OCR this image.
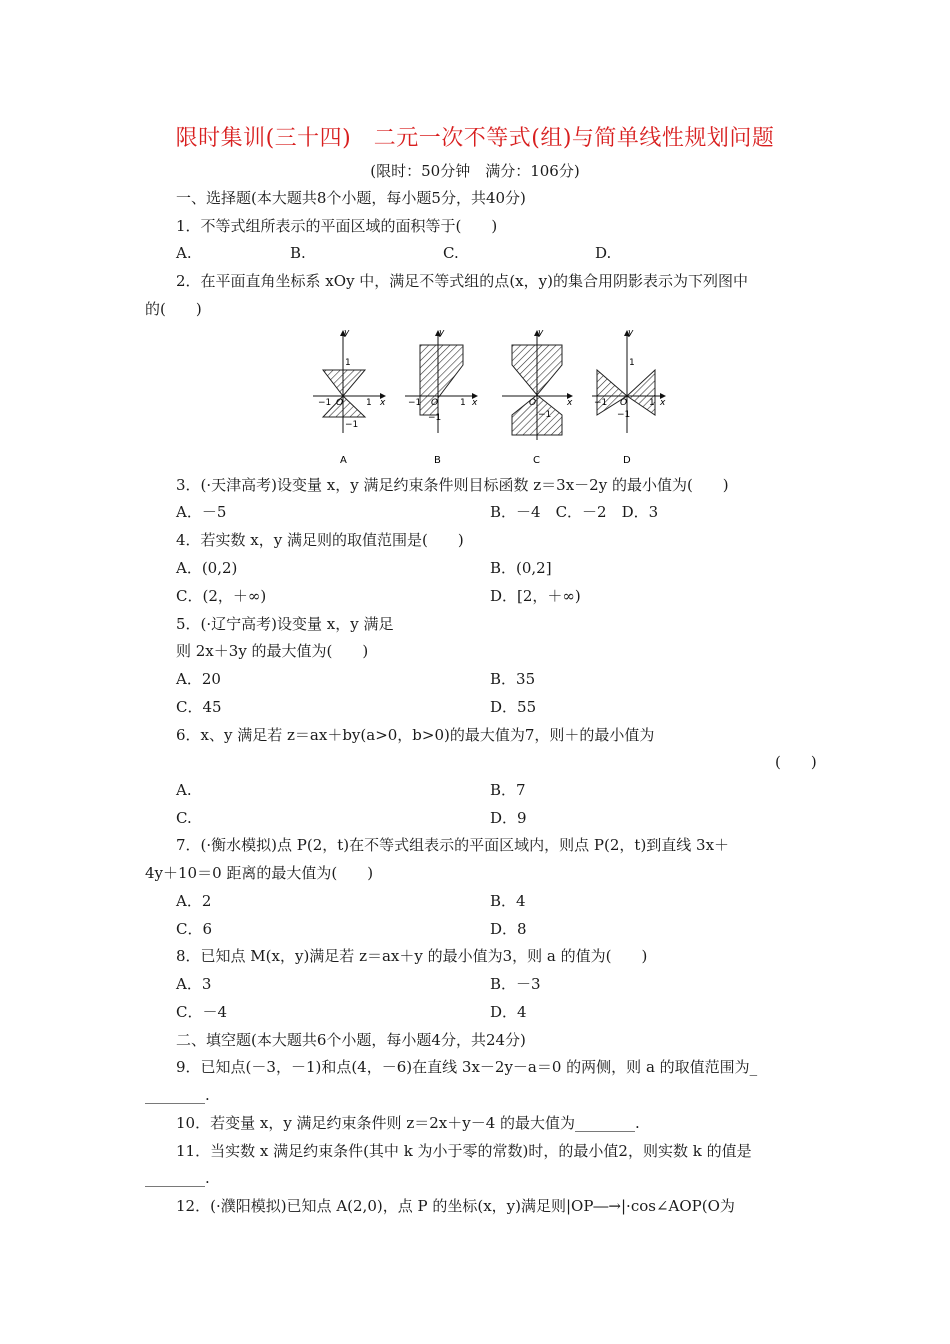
限时集训(三十四)　二元一次不等式(组)与简单线性规划问题
(限时：50分钟　满分：106分)
一、选择题(本大题共8个小题，每小题5分，共40分)
1．不等式组所表示的平面区域的面积等于(　　)
A.	B.	C.	D.
2．在平面直角坐标系 xOy 中，满足不等式组的点(x，y)的集合用阴影表示为下列图中
的(　　)
y
x
O
−1	1
1
−1
A
y
x
O
−1	1
−1
B
y
x
O
−1
C
y
x
O
−1	1
1
−1
D
3．(·天津高考)设变量 x，y 满足约束条件则目标函数 z＝3x－2y 的最小值为(　　)
A．－5	B．－4　C．－2　D．3
4．若实数 x，y 满足则的取值范围是(　　)
A．(0,2)	B．(0,2]
C．(2，＋∞)	D．[2，＋∞)
5．(·辽宁高考)设变量 x，y 满足
则 2x＋3y 的最大值为(　　)
A．20	B．35
C．45	D．55
6．x、y 满足若 z＝ax＋by(a>0，b>0)的最大值为7，则＋的最小值为
(　　)
A.	B．7
C.	D．9
7．(·衡水模拟)点 P(2，t)在不等式组表示的平面区域内，则点 P(2，t)到直线 3x＋
4y＋10＝0 距离的最大值为(　　)
A．2	B．4
C．6	D．8
8．已知点 M(x，y)满足若 z＝ax＋y 的最小值为3，则 a 的值为(　　)
A．3	B．－3
C．－4	D．4
二、填空题(本大题共6个小题，每小题4分，共24分)
9．已知点(－3，－1)和点(4，－6)在直线 3x－2y－a＝0 的两侧，则 a 的取值范围为_
________.
10．若变量 x，y 满足约束条件则 z＝2x＋y－4 的最大值为________.
11．当实数 x 满足约束条件(其中 k 为小于零的常数)时，的最小值2，则实数 k 的值是
________.
12．(·濮阳模拟)已知点 A(2,0)，点 P 的坐标(x，y)满足则|OP―→|·cos∠AOP(O为
